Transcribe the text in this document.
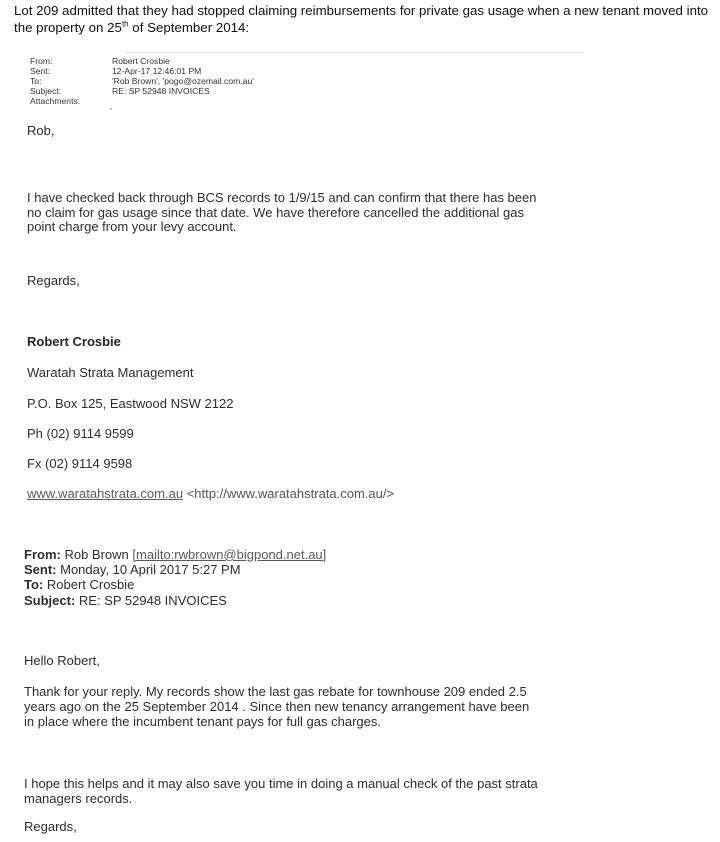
Lot 209 admitted that they had stopped claiming reimbursements for private gas usage when a new tenant moved into the property on 25th of September 2014:
From:	Robert Crosbie
Sent:	12-Apr-17 12:46:01 PM
To:	'Rob Brown', 'pogo@ozemail.com.au'
Subject:	RE: SP 52948 INVOICES
Attachments:
Rob,
I have checked back through BCS records to 1/9/15 and can confirm that there has been
no claim for gas usage since that date. We have therefore cancelled the additional gas
point charge from your levy account.
Regards,
Robert Crosbie
Waratah Strata Management
P.O. Box 125, Eastwood NSW 2122
Ph (02) 9114 9599
Fx (02) 9114 9598
www.waratahstrata.com.au <http://www.waratahstrata.com.au/>
From: Rob Brown [mailto:rwbrown@bigpond.net.au]
Sent: Monday, 10 April 2017 5:27 PM
To: Robert Crosbie
Subject: RE: SP 52948 INVOICES
Hello Robert,
Thank for your reply. My records show the last gas rebate for townhouse 209 ended 2.5
years ago on the 25 September 2014 . Since then new tenancy arrangement have been
in place where the incumbent tenant pays for full gas charges.
I hope this helps and it may also save you time in doing a manual check of the past strata
managers records.
Regards,
